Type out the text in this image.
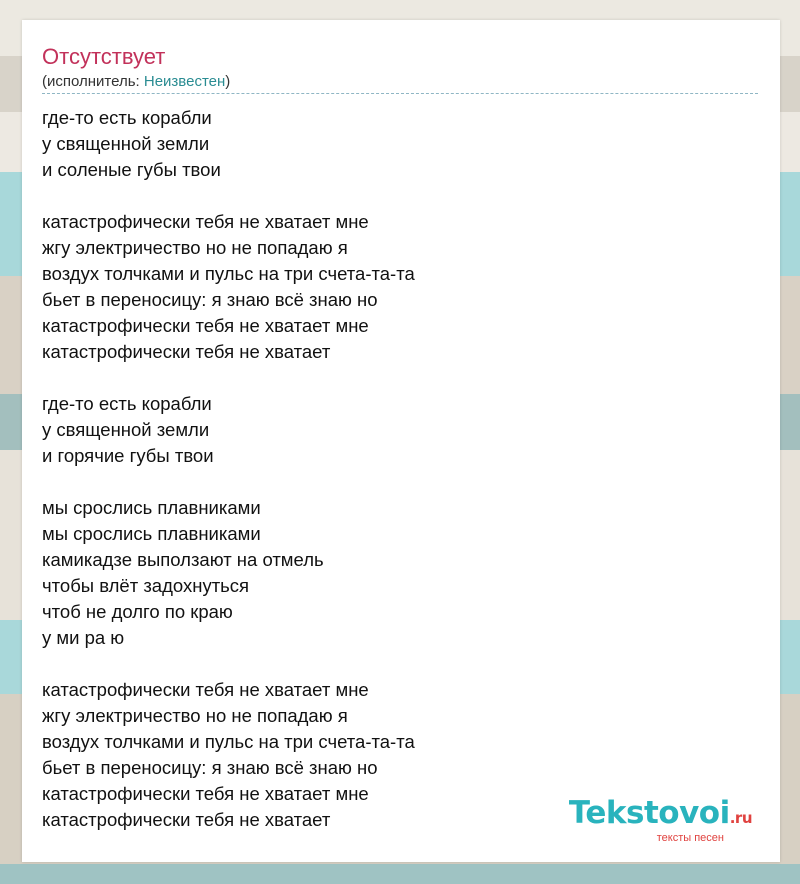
Отсутствует
(исполнитель: Неизвестен)
где-то есть корабли
у священной земли
и соленые губы твои
катастрофически тебя не хватает мне
жгу электричество но не попадаю я
воздух толчками и пульс на три счета-та-та
бьет в переносицу: я знаю всё знаю но
катастрофически тебя не хватает мне
катастрофически тебя не хватает
где-то есть корабли
у священной земли
и горячие губы твои
мы срослись плавниками
мы срослись плавниками
камикадзе выползают на отмель
чтобы влёт задохнуться
чтоб не долго по краю
у ми ра ю
катастрофически тебя не хватает мне
жгу электричество но не попадаю я
воздух толчками и пульс на три счета-та-та
бьет в переносицу: я знаю всё знаю но
катастрофически тебя не хватает мне
катастрофически тебя не хватает	Tekstovoi.ru
тексты песен
